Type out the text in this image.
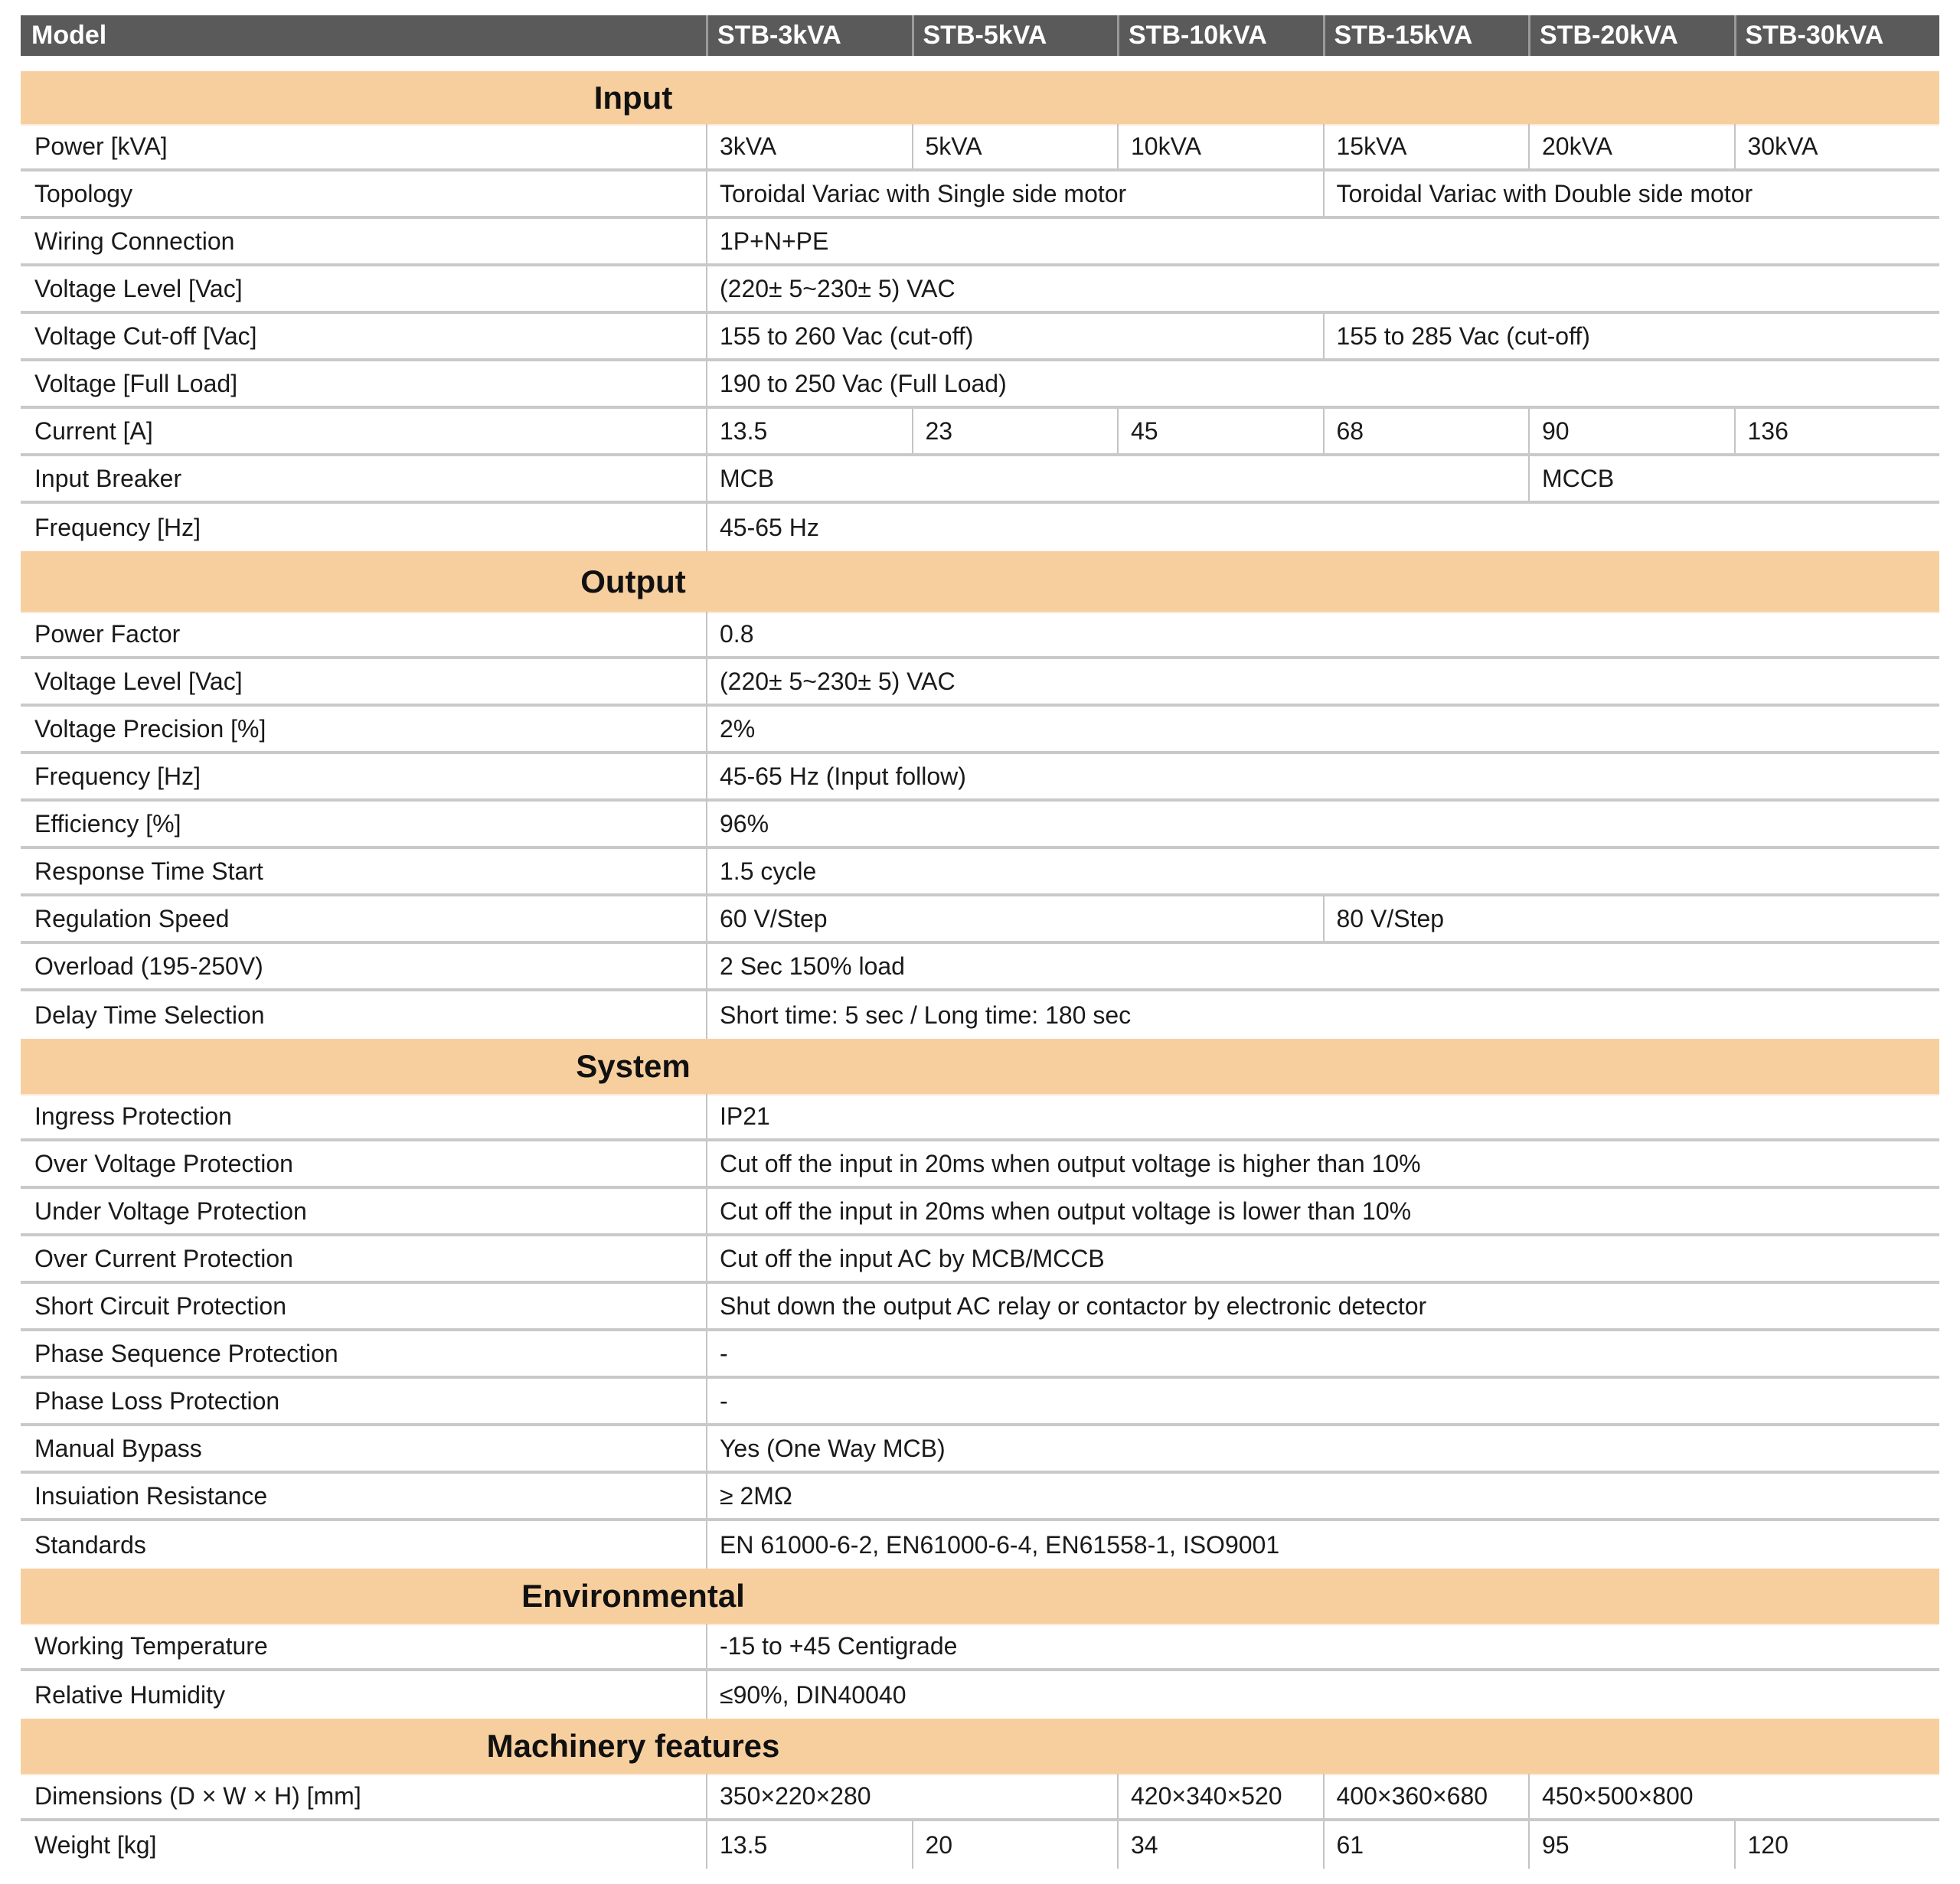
Model	STB-3kVA	STB-5kVA	STB-10kVA	STB-15kVA	STB-20kVA	STB-30kVA
Input
Power [kVA]	3kVA	5kVA	10kVA	15kVA	20kVA	30kVA
Topology	Toroidal Variac with Single side motor	Toroidal Variac with Double side motor
Wiring Connection	1P+N+PE
Voltage Level [Vac]	(220± 5~230± 5) VAC
Voltage Cut-off [Vac]	155 to 260 Vac (cut-off)	155 to 285 Vac (cut-off)
Voltage [Full Load]	190 to 250 Vac (Full Load)
Current [A]	13.5	23	45	68	90	136
Input Breaker	MCB	MCCB
Frequency [Hz]	45-65 Hz
Output
Power Factor	0.8
Voltage Level [Vac]	(220± 5~230± 5) VAC
Voltage Precision [%]	2%
Frequency [Hz]	45-65 Hz (Input follow)
Efficiency [%]	96%
Response Time Start	1.5 cycle
Regulation Speed	60 V/Step	80 V/Step
Overload (195-250V)	2 Sec 150% load
Delay Time Selection	Short time: 5 sec / Long time: 180 sec
System
Ingress Protection	IP21
Over Voltage Protection	Cut off the input in 20ms when output voltage is higher than 10%
Under Voltage Protection	Cut off the input in 20ms when output voltage is lower than 10%
Over Current Protection	Cut off the input AC by MCB/MCCB
Short Circuit Protection	Shut down the output AC relay or contactor by electronic detector
Phase Sequence Protection	-
Phase Loss Protection	-
Manual Bypass	Yes (One Way MCB)
Insuiation Resistance	≥ 2MΩ
Standards	EN 61000-6-2, EN61000-6-4, EN61558-1, ISO9001
Environmental
Working Temperature	-15 to +45 Centigrade
Relative Humidity	≤90%, DIN40040
Machinery features
Dimensions (D × W × H) [mm]	350×220×280	420×340×520	400×360×680	450×500×800
Weight [kg]	13.5	20	34	61	95	120
